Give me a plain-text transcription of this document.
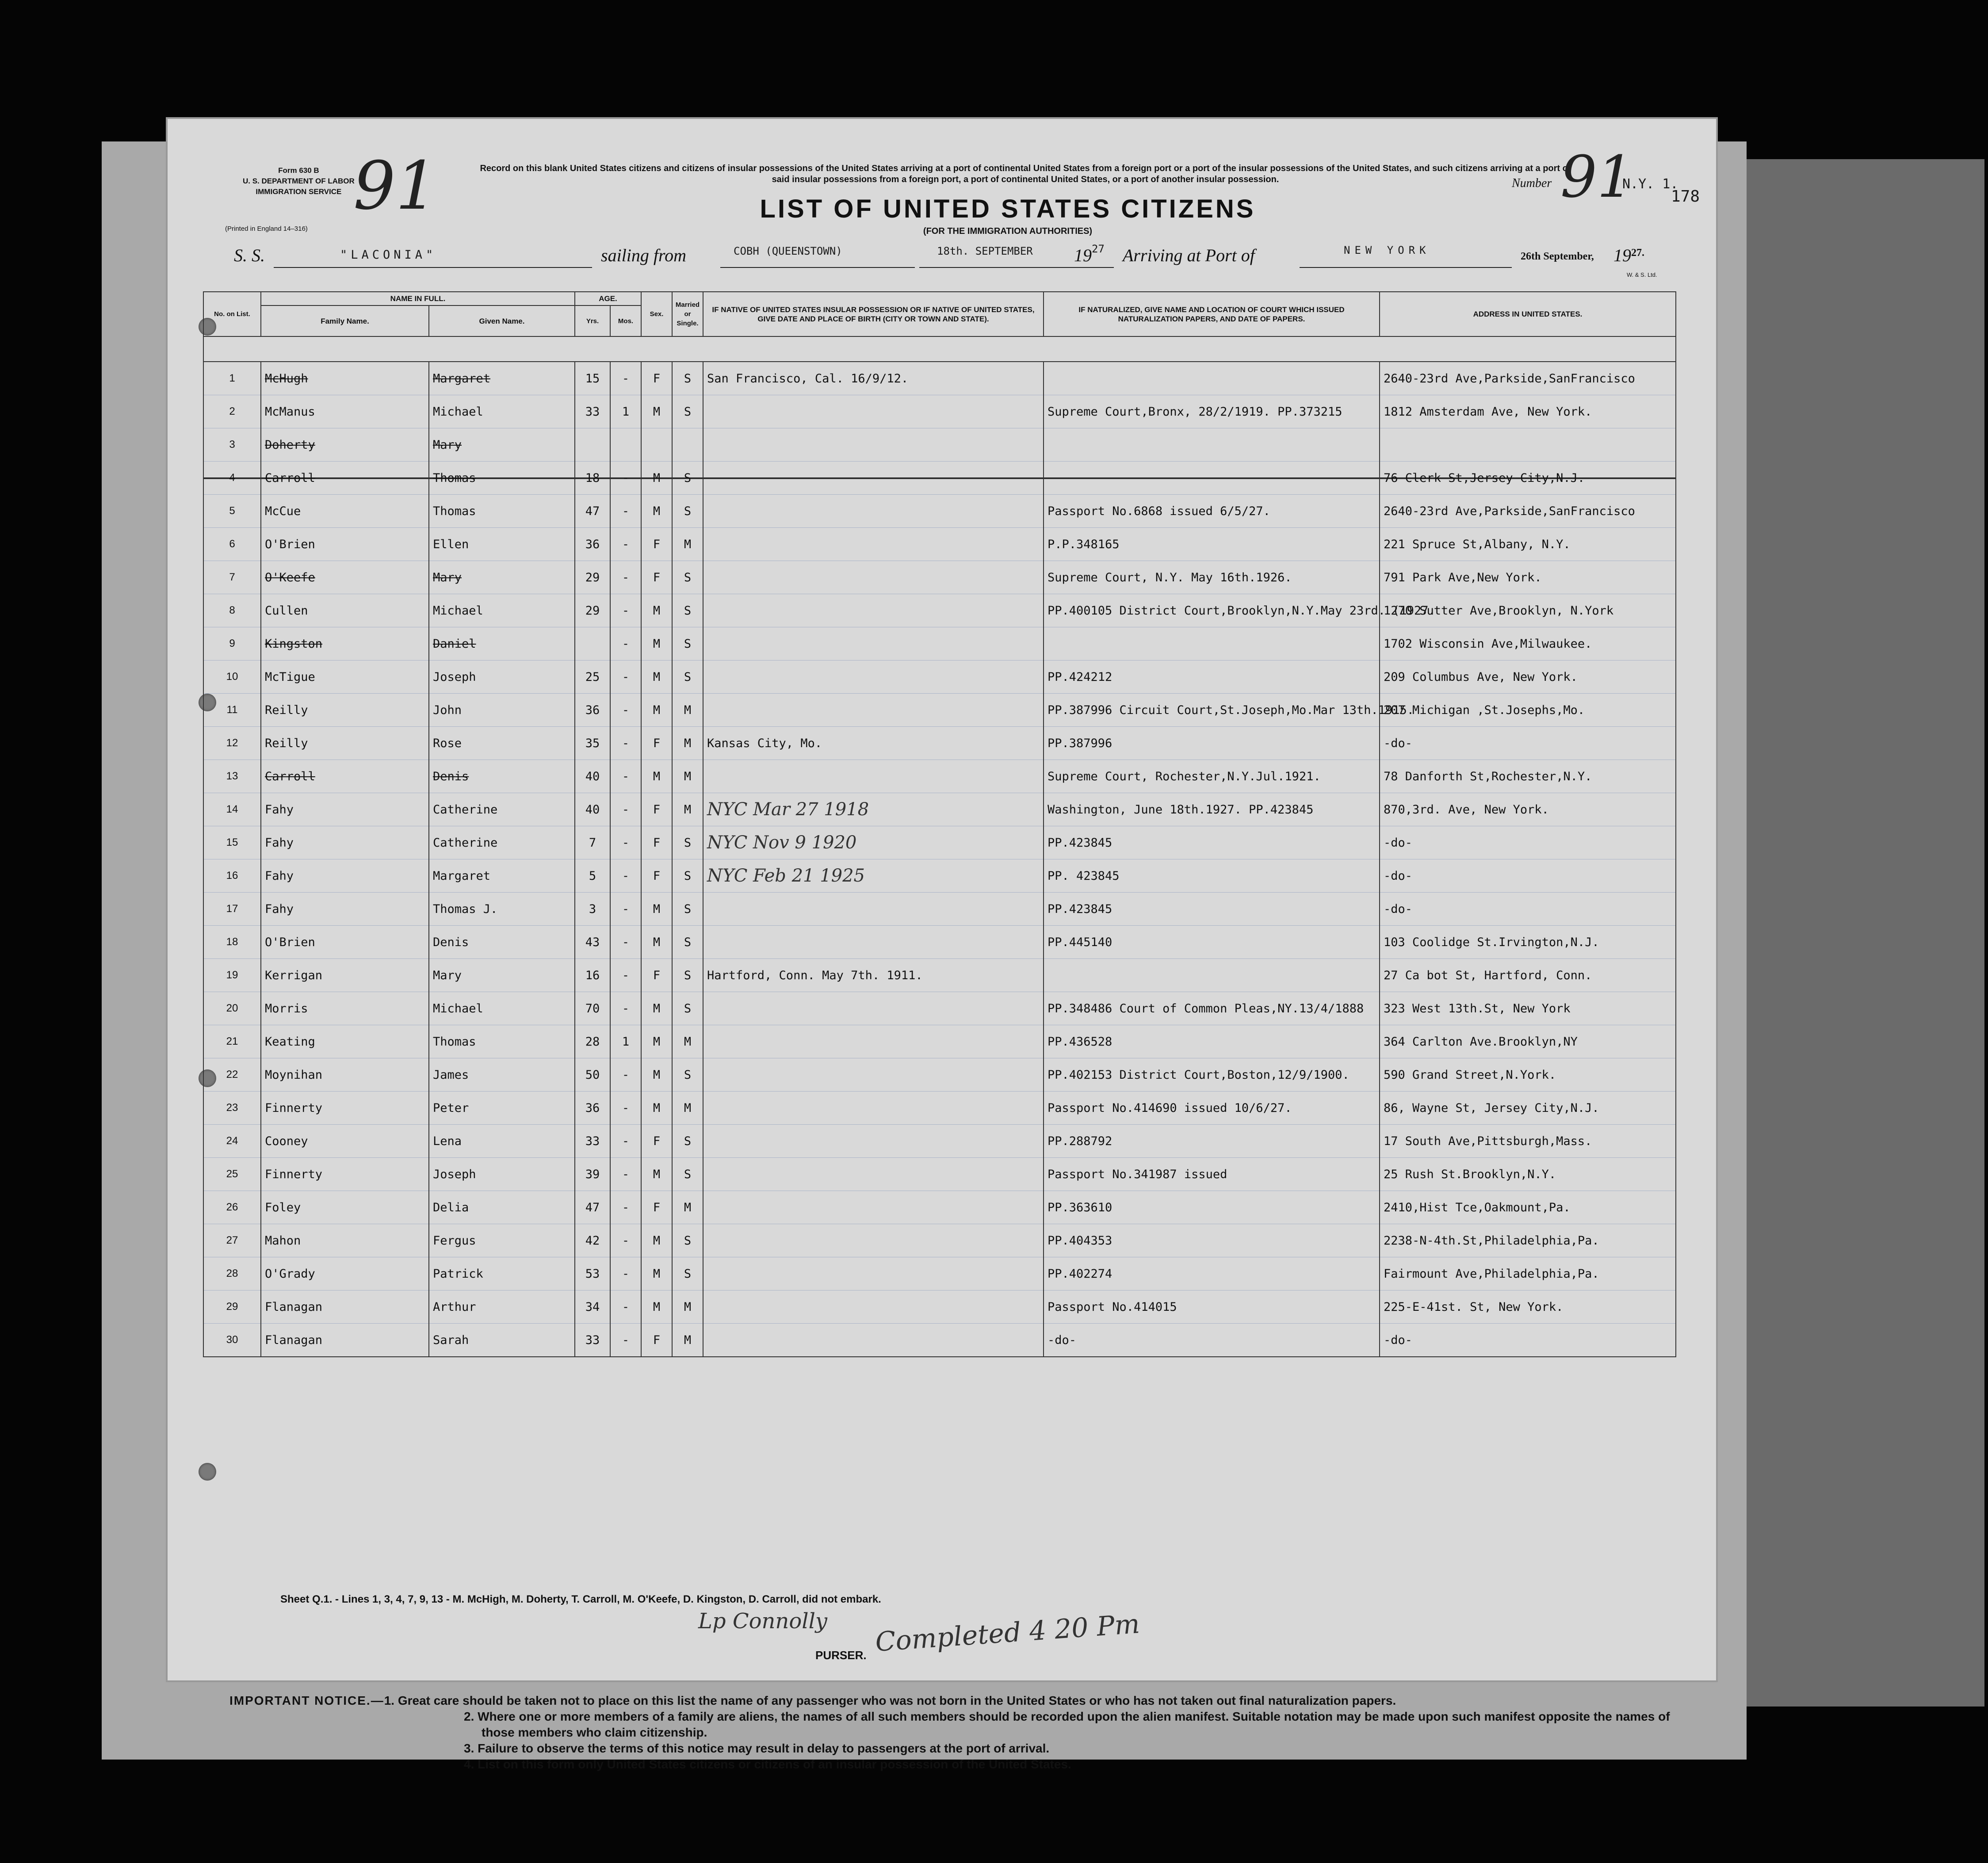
Form 630 B
U. S. DEPARTMENT OF LABOR
IMMIGRATION SERVICE 91	Record on this blank United States citizens and citizens of insular possessions of the United States arriving at a port of continental United States from a foreign port or a port of the insular possessions of the United States, and such citizens arriving at a port of said insular possessions from a foreign port, a port of continental United States, or a port of another insular possession.
LIST OF UNITED STATES CITIZENS
(FOR THE IMMIGRATION AUTHORITIES)
(Printed in England 14–316)
Number 91
N.Y. 1.
178
S. S.	"LACONIA"	sailing from	COBH (QUEENSTOWN)	18th. SEPTEMBER 19 27 Arriving at Port of	NEW YORK	26th September, 19 27.
W. & S. Ltd.
No. on List.	NAME IN FULL.		AGE.		Sex.	Married or Single.	IF NATIVE OF UNITED STATES INSULAR POSSESSION OR IF NATIVE OF UNITED STATES, GIVE DATE AND PLACE OF BIRTH (CITY OR TOWN AND STATE).	IF NATURALIZED, GIVE NAME AND LOCATION OF COURT WHICH ISSUED NATURALIZATION PAPERS, AND DATE OF PAPERS.	ADDRESS IN UNITED STATES.
	Family Name.	Given Name.	Yrs.	Mos.					

1	McHugh	Margaret	15	-	F	S	San Francisco, Cal. 16/9/12.		2640-23rd Ave,Parkside,SanFrancisco
2	McManus	Michael	33	1	M	S		Supreme Court,Bronx, 28/2/1919. PP.373215	1812 Amsterdam Ave, New York.
3	Doherty	Mary							
4	Carroll	Thomas	18	-	M	S			76 Clerk St,Jersey City,N.J.
5	McCue	Thomas	47	-	M	S		Passport No.6868 issued 6/5/27.	2640-23rd Ave,Parkside,SanFrancisco
6	O'Brien	Ellen	36	-	F	M		P.P.348165	221 Spruce St,Albany, N.Y.
7	O'Keefe	Mary	29	-	F	S		Supreme Court, N.Y. May 16th.1926.	791 Park Ave,New York.
8	Cullen	Michael	29	-	M	S		PP.400105 District Court,Brooklyn,N.Y.May 23rd. (1927.	1270 Sutter Ave,Brooklyn, N.York
9	Kingston	Daniel		-	M	S			1702 Wisconsin Ave,Milwaukee.
10	McTigue	Joseph	25	-	M	S		PP.424212	209 Columbus Ave, New York.
11	Reilly	John	36	-	M	M		PP.387996 Circuit Court,St.Joseph,Mo.Mar 13th.1915.	207 Michigan ,St.Josephs,Mo.
12	Reilly	Rose	35	-	F	M	Kansas City, Mo.	PP.387996	-do-
13	Carroll	Denis	40	-	M	M		Supreme Court, Rochester,N.Y.Jul.1921.	78 Danforth St,Rochester,N.Y.
14	Fahy	Catherine	40	-	F	M	NYC Mar 27 1918	Washington, June 18th.1927. PP.423845	870,3rd. Ave, New York.
15	Fahy	Catherine	7	-	F	S	NYC Nov 9 1920	PP.423845	-do-
16	Fahy	Margaret	5	-	F	S	NYC Feb 21 1925	PP. 423845	-do-
17	Fahy	Thomas J.	3	-	M	S		PP.423845	-do-
18	O'Brien	Denis	43	-	M	S		PP.445140	103 Coolidge St.Irvington,N.J.
19	Kerrigan	Mary	16	-	F	S	Hartford, Conn. May 7th. 1911.		27 Ca bot St, Hartford, Conn.
20	Morris	Michael	70	-	M	S		PP.348486 Court of Common Pleas,NY.13/4/1888	323 West 13th.St, New York
21	Keating	Thomas	28	1	M	M		PP.436528	364 Carlton Ave.Brooklyn,NY
22	Moynihan	James	50	-	M	S		PP.402153 District Court,Boston,12/9/1900.	590 Grand Street,N.York.
23	Finnerty	Peter	36	-	M	M		Passport No.414690 issued 10/6/27.	86, Wayne St, Jersey City,N.J.
24	Cooney	Lena	33	-	F	S		PP.288792	17 South Ave,Pittsburgh,Mass.
25	Finnerty	Joseph	39	-	M	S		Passport No.341987 issued	25 Rush St.Brooklyn,N.Y.
26	Foley	Delia	47	-	F	M		PP.363610	2410,Hist Tce,Oakmount,Pa.
27	Mahon	Fergus	42	-	M	S		PP.404353	2238-N-4th.St,Philadelphia,Pa.
28	O'Grady	Patrick	53	-	M	S		PP.402274	Fairmount Ave,Philadelphia,Pa.
29	Flanagan	Arthur	34	-	M	M		Passport No.414015	225-E-41st. St, New York.
30	Flanagan	Sarah	33	-	F	M		-do-	-do-
Sheet Q.1. - Lines 1, 3, 4, 7, 9, 13 - M. McHigh, M. Doherty, T. Carroll, M. O'Keefe, D. Kingston, D. Carroll, did not embark.
Lp Connolly
PURSER. Completed 4 20 Pm
IMPORTANT NOTICE.—1. Great care should be taken not to place on this list the name of any passenger who was not born in the United States or who has not taken out final naturalization papers.
2. Where one or more members of a family are aliens, the names of all such members should be recorded upon the alien manifest. Suitable notation may be made upon such manifest opposite the names of those members who claim citizenship.
3. Failure to observe the terms of this notice may result in delay to passengers at the port of arrival.
4. List on this form only United States citizens or citizens of an insular possession of the United States.
